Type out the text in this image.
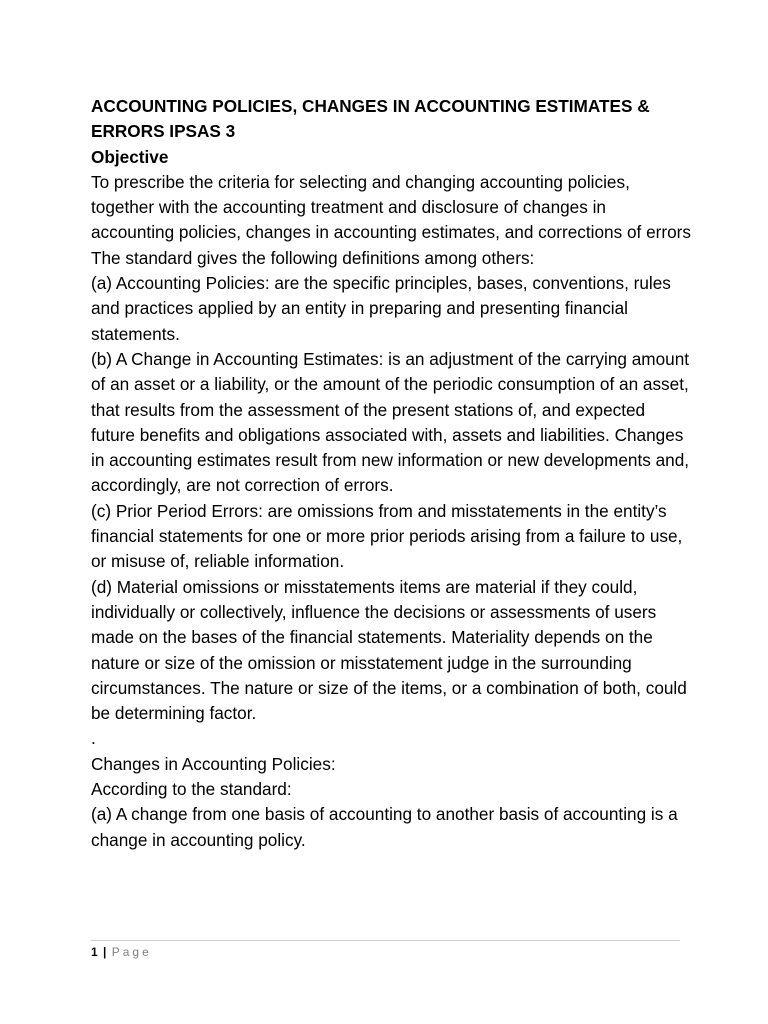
ACCOUNTING POLICIES, CHANGES IN ACCOUNTING ESTIMATES & ERRORS IPSAS 3

Objective

To prescribe the criteria for selecting and changing accounting policies, together with the accounting treatment and disclosure of changes in accounting policies, changes in accounting estimates, and corrections of errors

The standard gives the following definitions among others:

(a) Accounting Policies: are the specific principles, bases, conventions, rules and practices applied by an entity in preparing and presenting financial statements.

(b) A Change in Accounting Estimates: is an adjustment of the carrying amount of an asset or a liability, or the amount of the periodic consumption of an asset, that results from the assessment of the present stations of, and expected future benefits and obligations associated with, assets and liabilities. Changes in accounting estimates result from new information or new developments and, accordingly, are not correction of errors.

(c) Prior Period Errors: are omissions from and misstatements in the entity’s financial statements for one or more prior periods arising from a failure to use, or misuse of, reliable information.

(d) Material omissions or misstatements items are material if they could, individually or collectively, influence the decisions or assessments of users made on the bases of the financial statements. Materiality depends on the nature or size of the omission or misstatement judge in the surrounding circumstances. The nature or size of the items, or a combination of both, could be determining factor.

.

Changes in Accounting Policies:

According to the standard:

(a) A change from one basis of accounting to another basis of accounting is a change in accounting policy.

1 | Page
